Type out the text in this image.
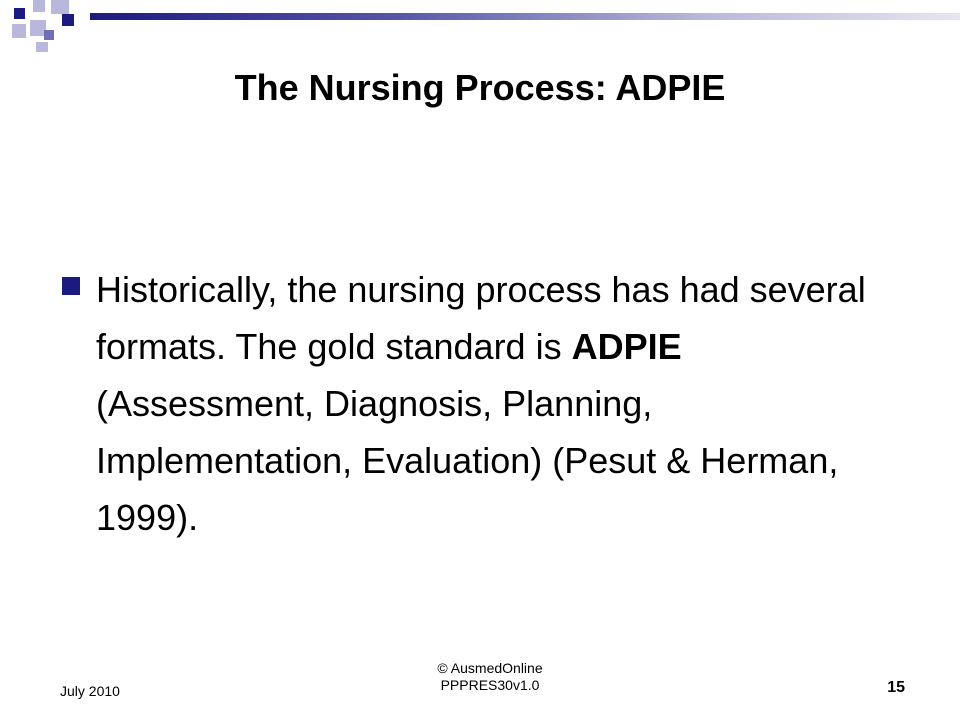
The Nursing Process: ADPIE
Historically, the nursing process has had several formats. The gold standard is ADPIE (Assessment, Diagnosis, Planning, Implementation, Evaluation) (Pesut & Herman, 1999).
July 2010
© AusmedOnline
PPPRES30v1.0	15
